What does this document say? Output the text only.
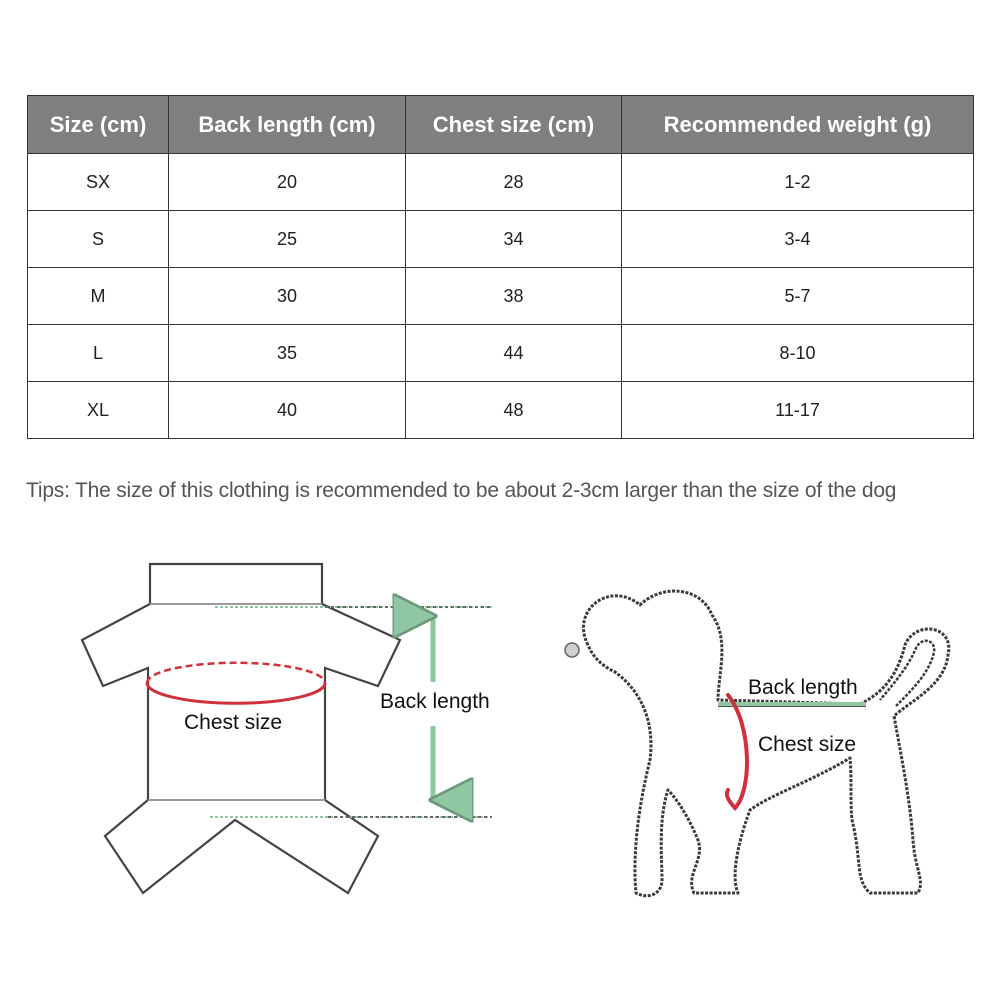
Size (cm)	Back length (cm)	Chest size (cm)	Recommended weight (g)
SX	20	28	1-2
S	25	34	3-4
M	30	38	5-7
L	35	44	8-10
XL	40	48	11-17
Tips: The size of this clothing is recommended to be about 2-3cm larger than the size of the dog
Chest size
Back length
Back length
Chest size
